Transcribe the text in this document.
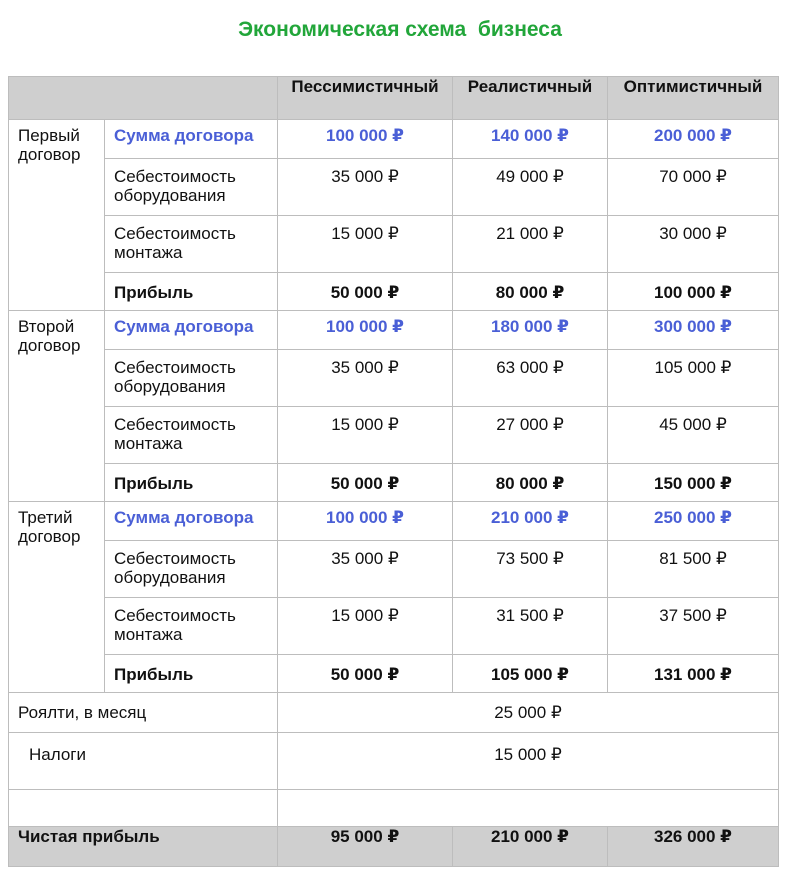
Экономическая схема  бизнеса
		Пессимистичный	Реалистичный	Оптимистичный
Первый договор	Сумма договора	100 000 ₽	140 000 ₽	200 000 ₽
	Себестоимость оборудования	35 000 ₽	49 000 ₽	70 000 ₽
	Себестоимость монтажа	15 000 ₽	21 000 ₽	30 000 ₽
	Прибыль	50 000 ₽	80 000 ₽	100 000 ₽
Второй договор	Сумма договора	100 000 ₽	180 000 ₽	300 000 ₽
	Себестоимость оборудования	35 000 ₽	63 000 ₽	105 000 ₽
	Себестоимость монтажа	15 000 ₽	27 000 ₽	45 000 ₽
	Прибыль	50 000 ₽	80 000 ₽	150 000 ₽
Третий договор	Сумма договора	100 000 ₽	210 000 ₽	250 000 ₽
	Себестоимость оборудования	35 000 ₽	73 500 ₽	81 500 ₽
	Себестоимость монтажа	15 000 ₽	31 500 ₽	37 500 ₽
	Прибыль	50 000 ₽	105 000 ₽	131 000 ₽
Роялти, в месяц		25 000 ₽		
Налоги		15 000 ₽		

Чистая прибыль		95 000 ₽	210 000 ₽	326 000 ₽
